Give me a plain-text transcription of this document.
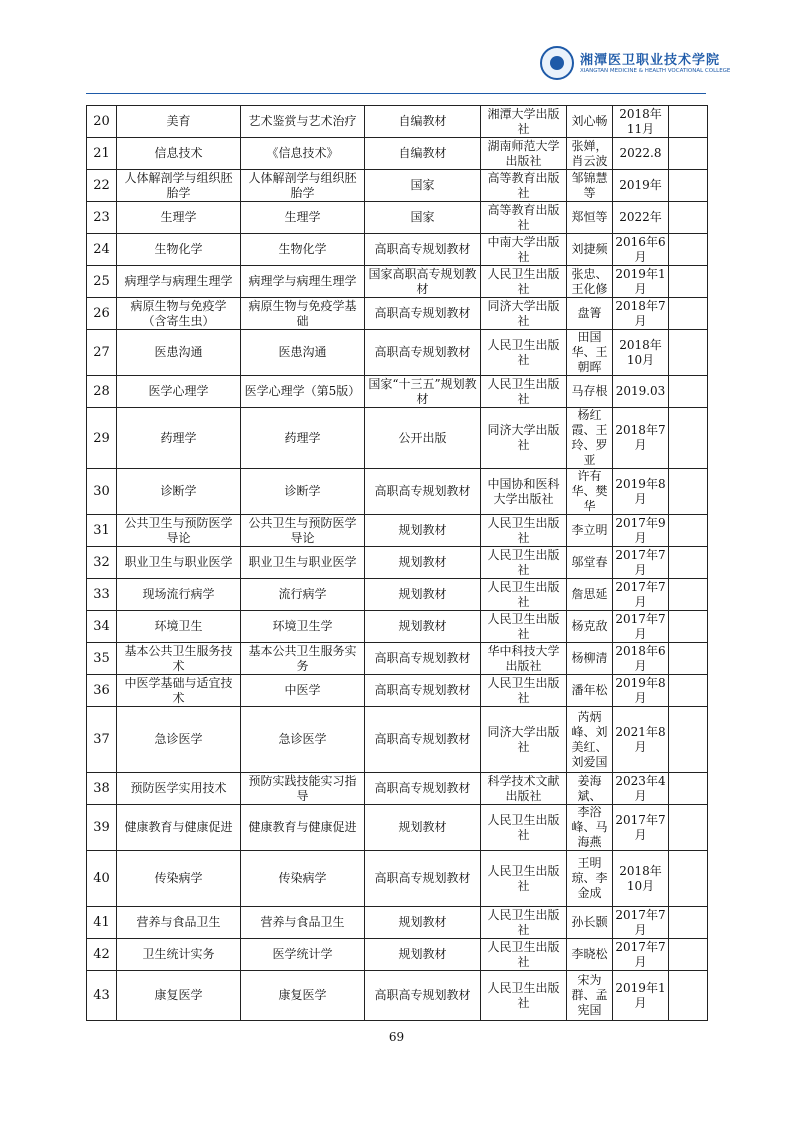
湘潭医卫职业技术学院
XIANGTAN MEDICINE & HEALTH VOCATIONAL COLLEGE
20	美育	艺术鉴赏与艺术治疗	自编教材	湘潭大学出版社	刘心畅	2018年11月	
21	信息技术	《信息技术》	自编教材	湖南师范大学出版社	张婵，肖云波	2022.8	
22	人体解剖学与组织胚胎学	人体解剖学与组织胚胎学	国家	高等教育出版社	邹锦慧等	2019年	
23	生理学	生理学	国家	高等教育出版社	郑恒等	2022年	
24	生物化学	生物化学	高职高专规划教材	中南大学出版社	刘捷频	2016年6月	
25	病理学与病理生理学	病理学与病理生理学	国家高职高专规划教材	人民卫生出版社	张忠、王化修	2019年1月	
26	病原生物与免疫学（含寄生虫）	病原生物与免疫学基础	高职高专规划教材	同济大学出版社	盘箐	2018年7月	
27	医患沟通	医患沟通	高职高专规划教材	人民卫生出版社	田国华、王朝晖	2018年10月	
28	医学心理学	医学心理学（第5版）	国家“十三五”规划教材	人民卫生出版社	马存根	2019.03	
29	药理学	药理学	公开出版	同济大学出版社	杨红霞、王玲、罗亚	2018年7月	
30	诊断学	诊断学	高职高专规划教材	中国协和医科大学出版社	许有华、樊华	2019年8月	
31	公共卫生与预防医学导论	公共卫生与预防医学导论	规划教材	人民卫生出版社	李立明	2017年9月	
32	职业卫生与职业医学	职业卫生与职业医学	规划教材	人民卫生出版社	邬堂春	2017年7月	
33	现场流行病学	流行病学	规划教材	人民卫生出版社	詹思延	2017年7月	
34	环境卫生	环境卫生学	规划教材	人民卫生出版社	杨克敌	2017年7月	
35	基本公共卫生服务技术	基本公共卫生服务实务	高职高专规划教材	华中科技大学出版社	杨柳清	2018年6月	
36	中医学基础与适宜技术	中医学	高职高专规划教材	人民卫生出版社	潘年松	2019年8月	
37	急诊医学	急诊医学	高职高专规划教材	同济大学出版社	芮炳峰、刘美红、刘爱国	2021年8月	
38	预防医学实用技术	预防实践技能实习指导	高职高专规划教材	科学技术文献出版社	姜海斌、	2023年4月	
39	健康教育与健康促进	健康教育与健康促进	规划教材	人民卫生出版社	李浴峰、马海燕	2017年7月	
40	传染病学	传染病学	高职高专规划教材	人民卫生出版社	王明琼、李金成	2018年10月	
41	营养与食品卫生	营养与食品卫生	规划教材	人民卫生出版社	孙长颢	2017年7月	
42	卫生统计实务	医学统计学	规划教材	人民卫生出版社	李晓松	2017年7月	
43	康复医学	康复医学	高职高专规划教材	人民卫生出版社	宋为群、孟宪国	2019年1月	
69
